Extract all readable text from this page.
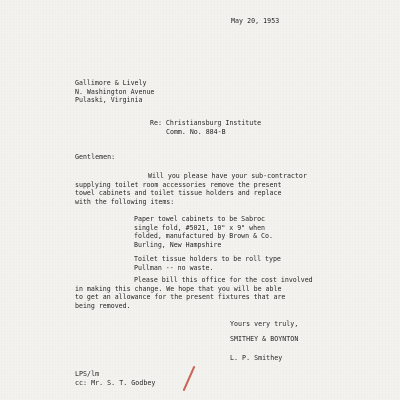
May 20, 1953
Gallimore & Lively
N. Washington Avenue
Pulaski, Virginia
Re: Christiansburg Institute
Comm. No. 884-B
Gentlemen:
Will you please have your sub-contractor
supplying toilet room accessories remove the present
towel cabinets and toilet tissue holders and replace
with the following items:
Paper towel cabinets to be Sabroc
single fold, #5021, 10" x 9" when
folded, manufactured by Brown & Co.
Burling, New Hampshire
Toilet tissue holders to be roll type
Pullman -- no waste.
Please bill this office for the cost involved
in making this change. We hope that you will be able
to get an allowance for the present fixtures that are
being removed.
Yours very truly,
SMITHEY & BOYNTON
L. P. Smithey
LPS/lm
cc: Mr. S. T. Godbey
